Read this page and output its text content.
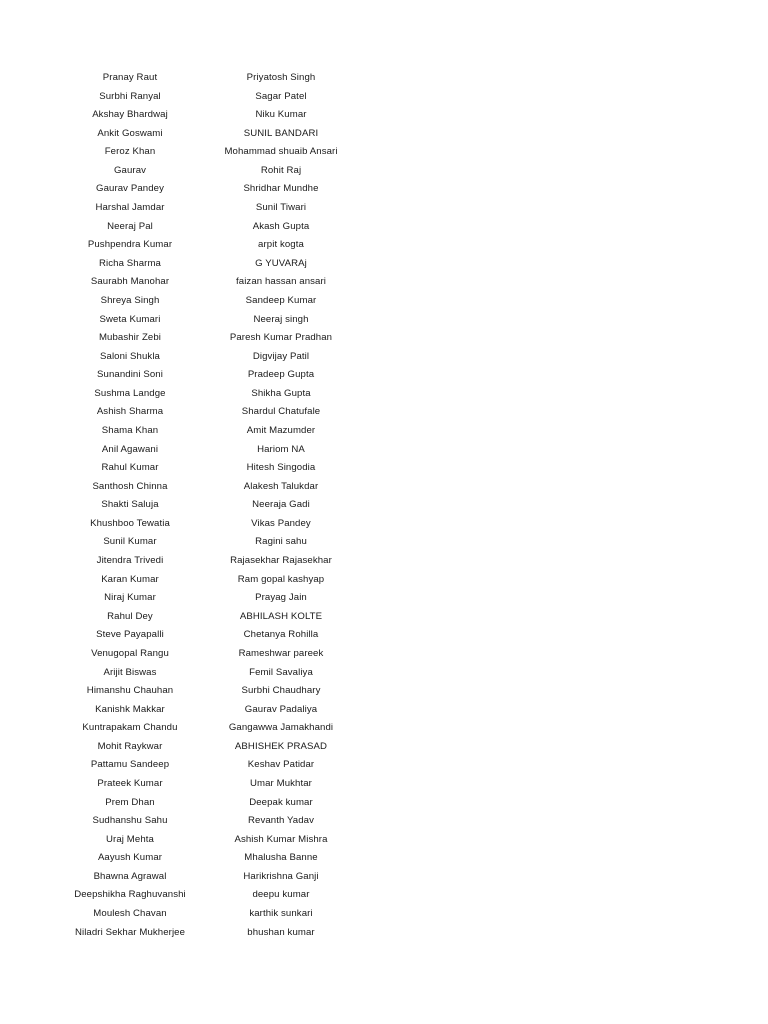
Pranay Raut	Priyatosh Singh
Surbhi Ranyal	Sagar Patel
Akshay Bhardwaj	Niku Kumar
Ankit Goswami	SUNIL BANDARI
Feroz Khan	Mohammad shuaib Ansari
Gaurav	Rohit Raj
Gaurav Pandey	Shridhar Mundhe
Harshal Jamdar	Sunil Tiwari
Neeraj Pal	Akash Gupta
Pushpendra Kumar	arpit kogta
Richa Sharma	G YUVARAj
Saurabh Manohar	faizan hassan ansari
Shreya Singh	Sandeep Kumar
Sweta Kumari	Neeraj singh
Mubashir Zebi	Paresh Kumar Pradhan
Saloni Shukla	Digvijay Patil
Sunandini Soni	Pradeep Gupta
Sushma Landge	Shikha Gupta
Ashish Sharma	Shardul Chatufale
Shama Khan	Amit Mazumder
Anil Agawani	Hariom NA
Rahul Kumar	Hitesh Singodia
Santhosh Chinna	Alakesh Talukdar
Shakti Saluja	Neeraja Gadi
Khushboo Tewatia	Vikas Pandey
Sunil Kumar	Ragini sahu
Jitendra Trivedi	Rajasekhar Rajasekhar
Karan Kumar	Ram gopal kashyap
Niraj Kumar	Prayag Jain
Rahul Dey	ABHILASH KOLTE
Steve Payapalli	Chetanya Rohilla
Venugopal Rangu	Rameshwar pareek
Arijit Biswas	Femil Savaliya
Himanshu Chauhan	Surbhi Chaudhary
Kanishk Makkar	Gaurav Padaliya
Kuntrapakam Chandu	Gangawwa Jamakhandi
Mohit Raykwar	ABHISHEK PRASAD
Pattamu Sandeep	Keshav Patidar
Prateek Kumar	Umar Mukhtar
Prem Dhan	Deepak kumar
Sudhanshu Sahu	Revanth Yadav
Uraj Mehta	Ashish Kumar Mishra
Aayush Kumar	Mhalusha Banne
Bhawna Agrawal	Harikrishna Ganji
Deepshikha Raghuvanshi	deepu kumar
Moulesh Chavan	karthik sunkari
Niladri Sekhar Mukherjee	bhushan kumar
